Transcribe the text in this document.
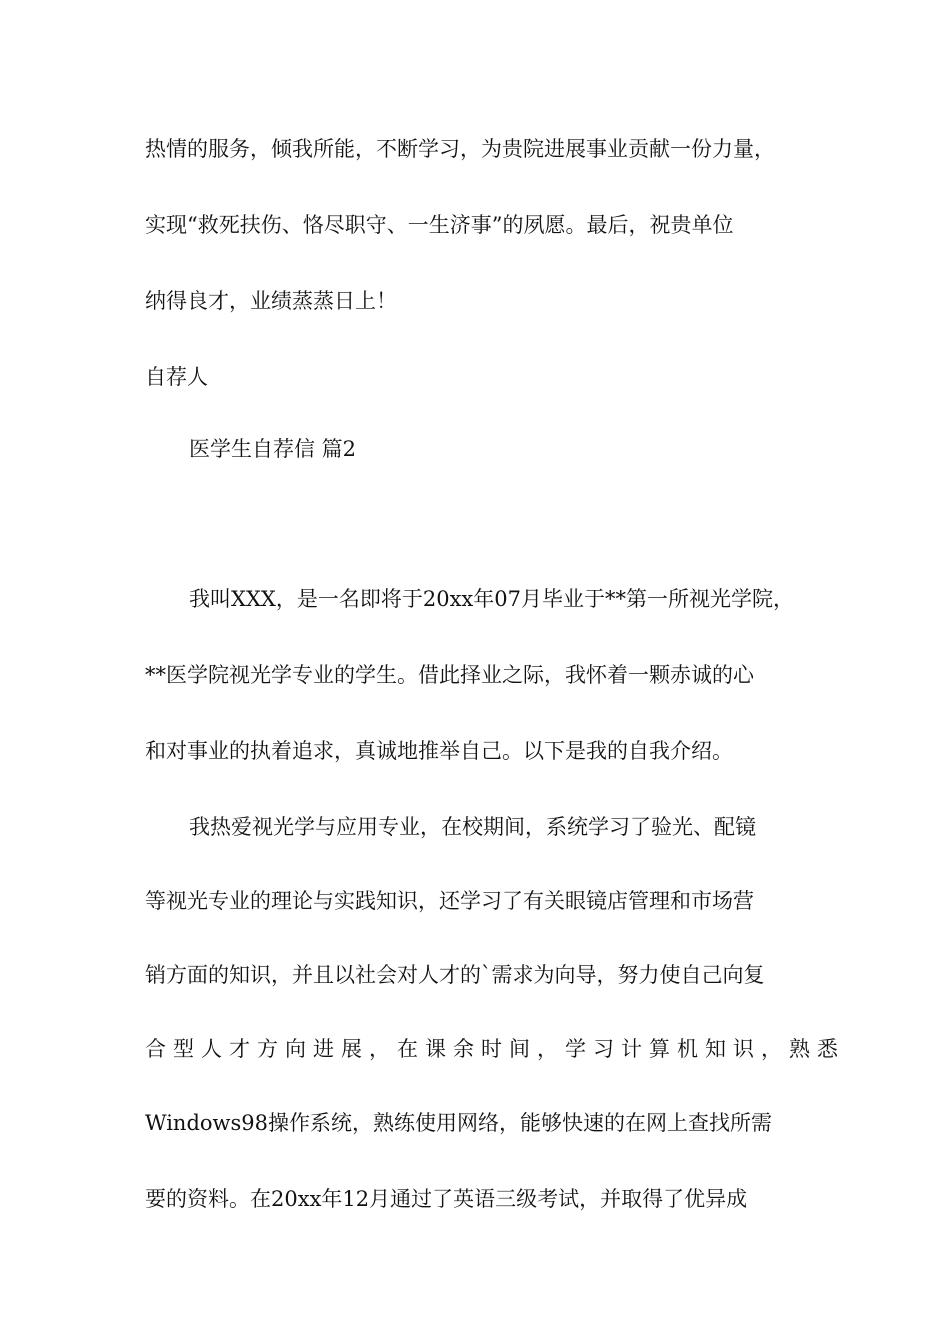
热情的服务，倾我所能，不断学习，为贵院进展事业贡献一份力量，
实现“救死扶伤、恪尽职守、一生济事”的夙愿。最后，祝贵单位
纳得良才，业绩蒸蒸日上！
自荐人
医学生自荐信 篇2
我叫XXX，是一名即将于20xx年07月毕业于**第一所视光学院，
**医学院视光学专业的学生。借此择业之际，我怀着一颗赤诚的心
和对事业的执着追求，真诚地推举自己。以下是我的自我介绍。
我热爱视光学与应用专业，在校期间，系统学习了验光、配镜
等视光专业的理论与实践知识，还学习了有关眼镜店管理和市场营
销方面的知识，并且以社会对人才的`需求为向导，努力使自己向复
合型人才方向进展，在课余时间，学习计算机知识，熟悉
Windows98操作系统，熟练使用网络，能够快速的在网上查找所需
要的资料。在20xx年12月通过了英语三级考试，并取得了优异成
